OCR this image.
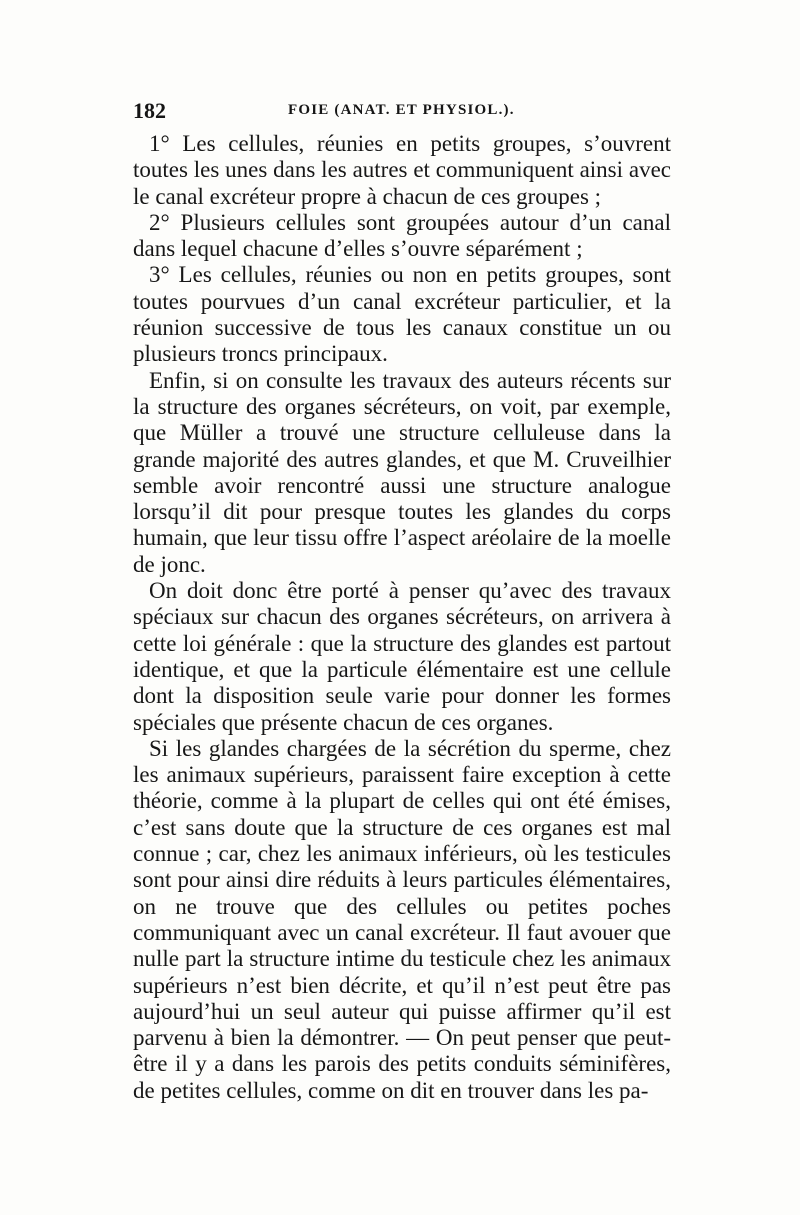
182	FOIE (ANAT. ET PHYSIOL.).

1° Les cellules, réunies en petits groupes, s’ouvrent toutes les unes dans les autres et communiquent ainsi avec le canal excréteur propre à chacun de ces groupes ;

2° Plusieurs cellules sont groupées autour d’un canal dans lequel chacune d’elles s’ouvre séparément ;

3° Les cellules, réunies ou non en petits groupes, sont toutes pourvues d’un canal excréteur particulier, et la réunion successive de tous les canaux constitue un ou plusieurs troncs principaux.

Enfin, si on consulte les travaux des auteurs récents sur la structure des organes sécréteurs, on voit, par exemple, que Müller a trouvé une structure celluleuse dans la grande majorité des autres glandes, et que M. Cruveilhier semble avoir rencontré aussi une structure analogue lorsqu’il dit pour presque toutes les glandes du corps humain, que leur tissu offre l’aspect aréolaire de la moelle de jonc.

On doit donc être porté à penser qu’avec des travaux spéciaux sur chacun des organes sécréteurs, on arrivera à cette loi générale : que la structure des glandes est partout identique, et que la particule élémentaire est une cellule dont la disposition seule varie pour donner les formes spéciales que présente chacun de ces organes.

Si les glandes chargées de la sécrétion du sperme, chez les animaux supérieurs, paraissent faire exception à cette théorie, comme à la plupart de celles qui ont été émises, c’est sans doute que la structure de ces organes est mal connue ; car, chez les animaux inférieurs, où les testicules sont pour ainsi dire réduits à leurs particules élémentaires, on ne trouve que des cellules ou petites poches communiquant avec un canal excréteur. Il faut avouer que nulle part la structure intime du testicule chez les animaux supérieurs n’est bien décrite, et qu’il n’est peut être pas aujourd’hui un seul auteur qui puisse affirmer qu’il est parvenu à bien la démontrer. — On peut penser que peut-être il y a dans les parois des petits conduits séminifères, de petites cellules, comme on dit en trouver dans les pa-
